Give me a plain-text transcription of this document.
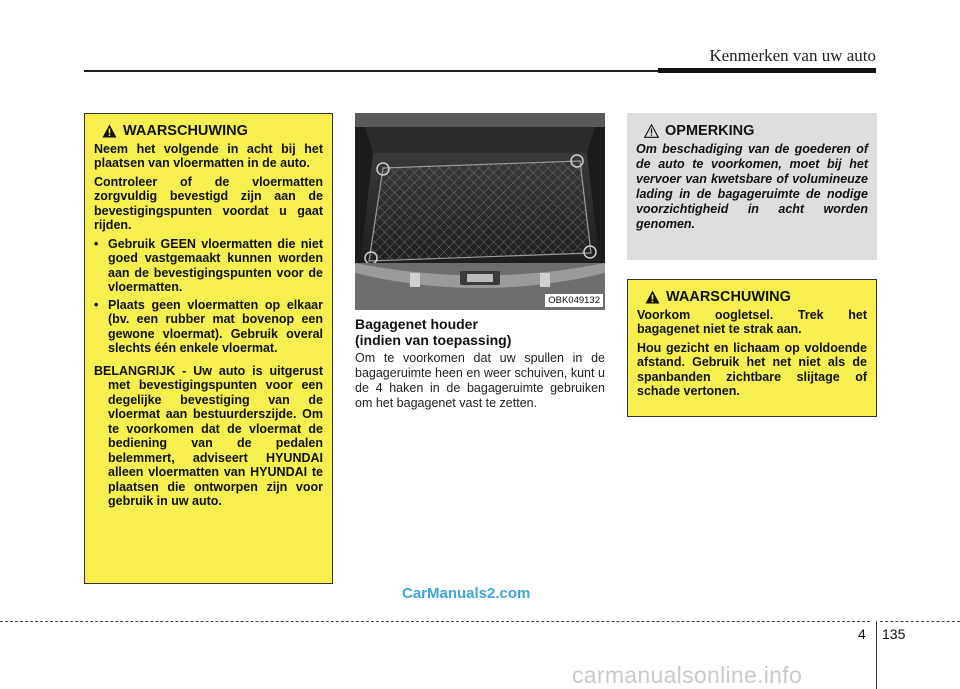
Kenmerken van uw auto
WAARSCHUWING

Neem het volgende in acht bij het plaatsen van vloermatten in de auto.

Controleer of de vloermatten zorgvuldig bevestigd zijn aan de bevestigingspunten voordat u gaat rijden.

• Gebruik GEEN vloermatten die niet goed vastgemaakt kunnen worden aan de bevestigingspunten voor de vloermatten.
• Plaats geen vloermatten op elkaar (bv. een rubber mat bovenop een gewone vloermat). Gebruik overal slechts één enkele vloermat.

BELANGRIJK - Uw auto is uitgerust met bevestigingspunten voor een degelijke bevestiging van de vloermat aan bestuurderszijde. Om te voorkomen dat de vloermat de bediening van de pedalen belemmert, adviseert HYUNDAI alleen vloermatten van HYUNDAI te plaatsen die ontworpen zijn voor gebruik in uw auto.

OBK049132
Bagagenet houder
(indien van toepassing)
Om te voorkomen dat uw spullen in de bagageruimte heen en weer schuiven, kunt u de 4 haken in de bagageruimte gebruiken om het bagagenet vast te zetten.
OPMERKING
Om beschadiging van de goederen of de auto te voorkomen, moet bij het vervoer van kwetsbare of volumineuze lading in de bagageruimte de nodige voorzichtigheid in acht worden genomen.
WAARSCHUWING

Voorkom oogletsel. Trek het bagagenet niet te strak aan.

Hou gezicht en lichaam op voldoende afstand. Gebruik het net niet als de spanbanden zichtbare slijtage of schade vertonen.

CarManuals2.com
4 135
carmanualsonline.info
